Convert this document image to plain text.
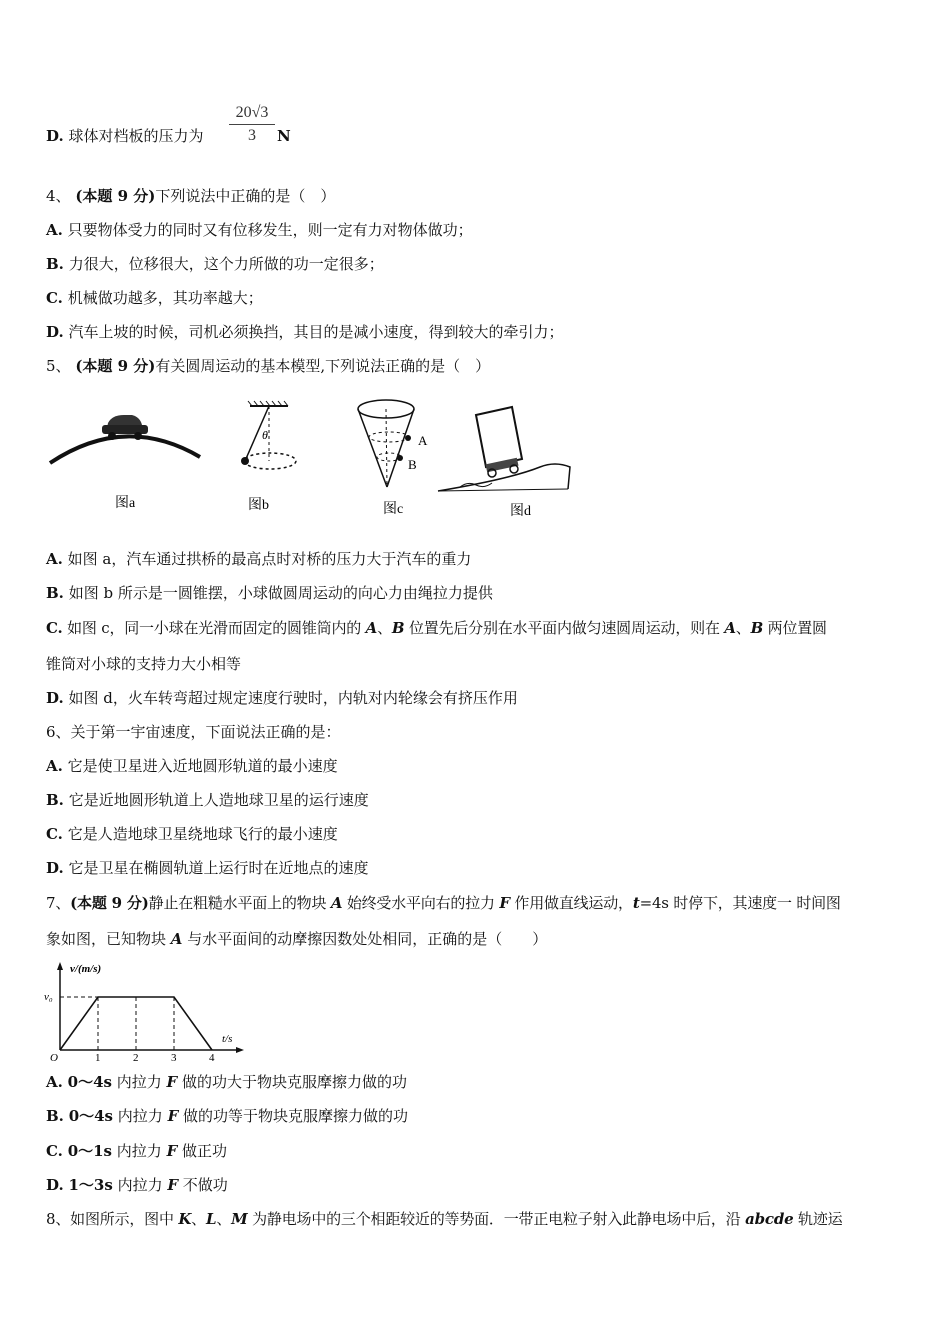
D. 球体对档板的压力为 $\frac{20√3}{3}$ N
4、 (本题 9 分)下列说法中正确的是（　）
A. 只要物体受力的同时又有位移发生，则一定有力对物体做功；
B. 力很大，位移很大，这个力所做的功一定很多；
C. 机械做功越多，其功率越大；
D. 汽车上坡的时候，司机必须换挡，其目的是减小速度，得到较大的牵引力；
5、 (本题 9 分)有关圆周运动的基本模型,下列说法正确的是（　）
图a
θ
图b
A
B
图c	图d
A. 如图 a，汽车通过拱桥的最高点时对桥的压力大于汽车的重力
B. 如图 b 所示是一圆锥摆，小球做圆周运动的向心力由绳拉力提供
C. 如图 c，同一小球在光滑而固定的圆锥筒内的 A、B 位置先后分别在水平面内做匀速圆周运动，则在 A、B 两位置圆
锥筒对小球的支持力大小相等
D. 如图 d，火车转弯超过规定速度行驶时，内轨对内轮缘会有挤压作用
6、关于第一宇宙速度，下面说法正确的是：
A. 它是使卫星进入近地圆形轨道的最小速度
B. 它是近地圆形轨道上人造地球卫星的运行速度
C. 它是人造地球卫星绕地球飞行的最小速度
D. 它是卫星在椭圆轨道上运行时在近地点的速度
7、(本题 9 分)静止在粗糙水平面上的物块 A 始终受水平向右的拉力 F 作用做直线运动，t=4s 时停下，其速度一 时间图
象如图，已知物块 A 与水平面间的动摩擦因数处处相同，正确的是（　　）
v/(m/s)
t/s
O
v₀
1	2	3	4
A. 0～4s 内拉力 F 做的功大于物块克服摩擦力做的功
B. 0～4s 内拉力 F 做的功等于物块克服摩擦力做的功
C. 0～1s 内拉力 F 做正功
D. 1～3s 内拉力 F 不做功
8、如图所示，图中 K、L、M 为静电场中的三个相距较近的等势面．一带正电粒子射入此静电场中后，沿 abcde 轨迹运
